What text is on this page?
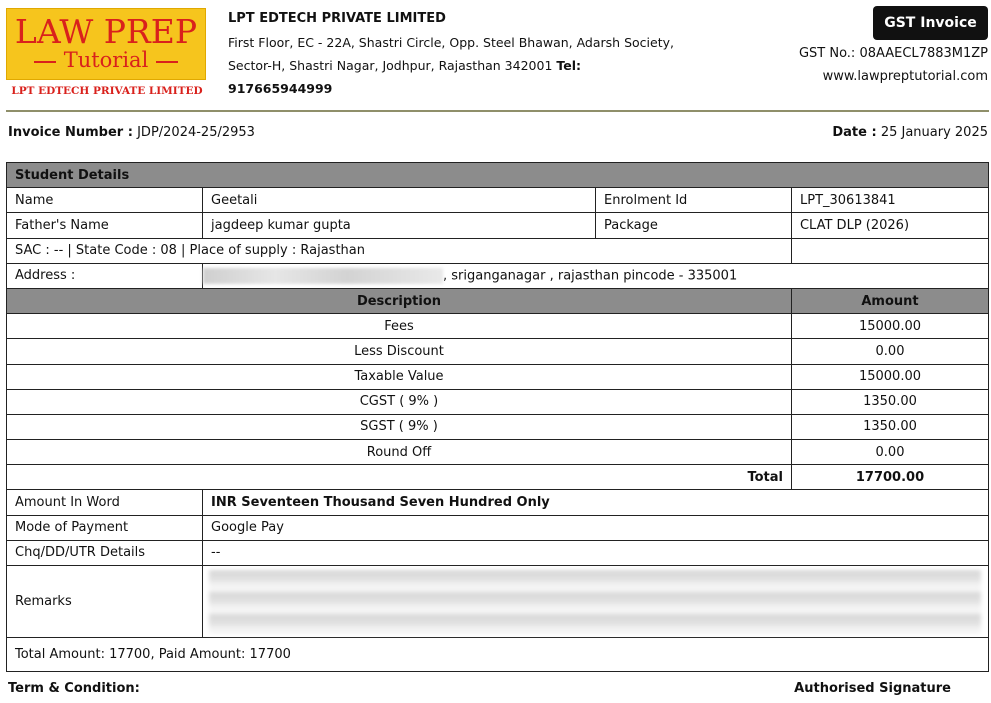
LAW PREP
Tutorial
LPT EDTECH PRIVATE LIMITED
LPT EDTECH PRIVATE LIMITED
First Floor, EC - 22A, Shastri Circle, Opp. Steel Bhawan, Adarsh Society,
Sector-H, Shastri Nagar, Jodhpur, Rajasthan 342001 Tel:
917665944999
GST Invoice
GST No.: 08AAECL7883M1ZP
www.lawpreptutorial.com
Invoice Number : JDP/2024-25/2953	Date : 25 January 2025
Student Details			
Name	Geetali	Enrolment Id	LPT_30613841
Father's Name	jagdeep kumar gupta	Package	CLAT DLP (2026)
SAC : -- | State Code : 08 | Place of supply : Rajasthan			
Address :	, sriganganagar , rajasthan pincode - 335001		
Description			Amount
Fees			15000.00
Less Discount			0.00
Taxable Value			15000.00
CGST ( 9% )			1350.00
SGST ( 9% )			1350.00
Round Off			0.00
Total			17700.00
Amount In Word	INR Seventeen Thousand Seven Hundred Only		
Mode of Payment	Google Pay		
Chq/DD/UTR Details	--		
Remarks			

Total Amount: 17700, Paid Amount: 17700			
Term & Condition:	Authorised Signature
